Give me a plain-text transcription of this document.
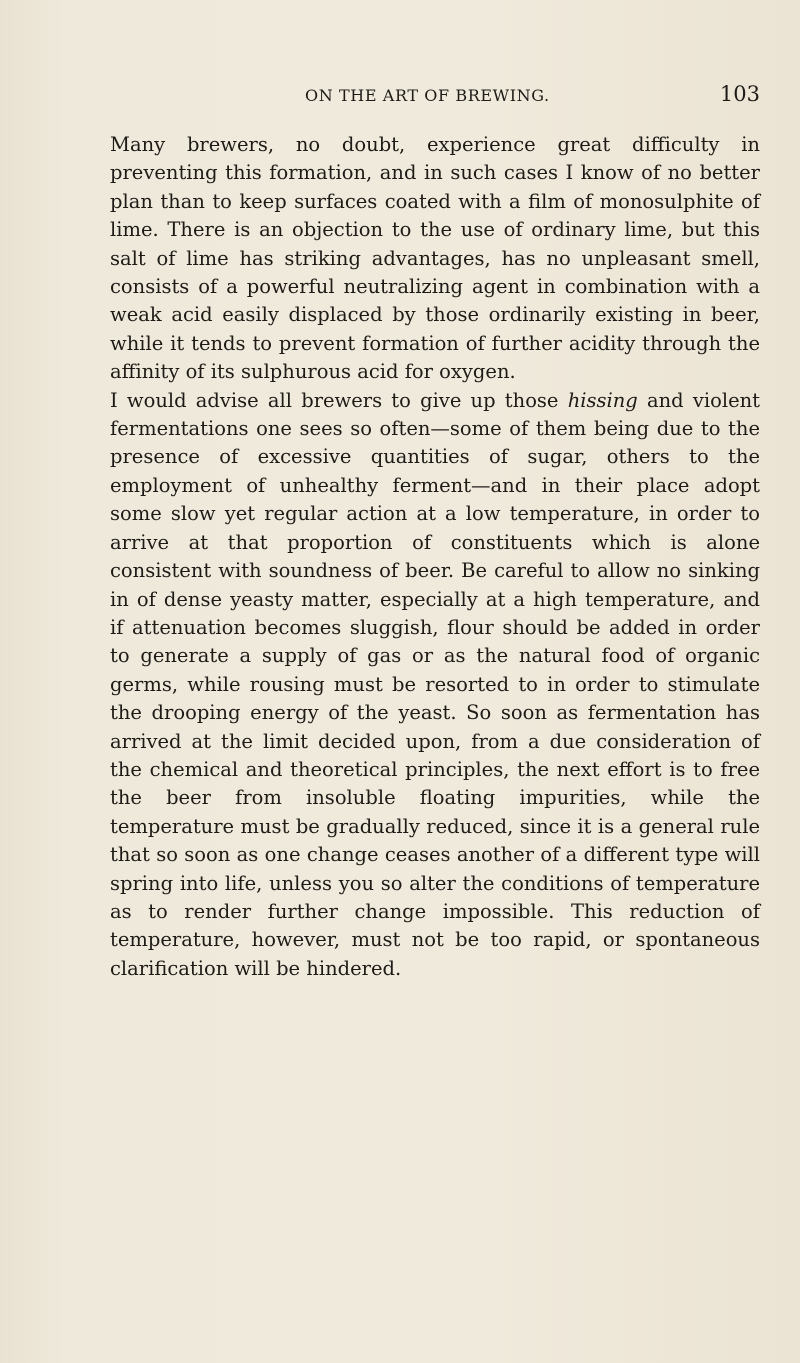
ON THE ART OF BREWING.	103

Many brewers, no doubt, experience great difficulty in preventing this formation, and in such cases I know of no better plan than to keep surfaces coated with a film of monosulphite of lime. There is an objection to the use of ordinary lime, but this salt of lime has striking advantages, has no unpleasant smell, consists of a powerful neutralizing agent in combination with a weak acid easily displaced by those ordinarily existing in beer, while it tends to prevent formation of further acidity through the affinity of its sulphurous acid for oxygen.

I would advise all brewers to give up those hissing and violent fermentations one sees so often—some of them being due to the presence of excessive quantities of sugar, others to the employment of unhealthy ferment—and in their place adopt some slow yet regular action at a low temperature, in order to arrive at that proportion of constituents which is alone consistent with soundness of beer. Be careful to allow no sinking in of dense yeasty matter, especially at a high temperature, and if attenuation becomes sluggish, flour should be added in order to generate a supply of gas or as the natural food of organic germs, while rousing must be resorted to in order to stimulate the drooping energy of the yeast. So soon as fermentation has arrived at the limit decided upon, from a due consideration of the chemical and theoretical principles, the next effort is to free the beer from insoluble floating impurities, while the temperature must be gradually reduced, since it is a general rule that so soon as one change ceases another of a different type will spring into life, unless you so alter the conditions of temperature as to render further change impossible. This reduction of temperature, however, must not be too rapid, or spontaneous clarification will be hindered.
